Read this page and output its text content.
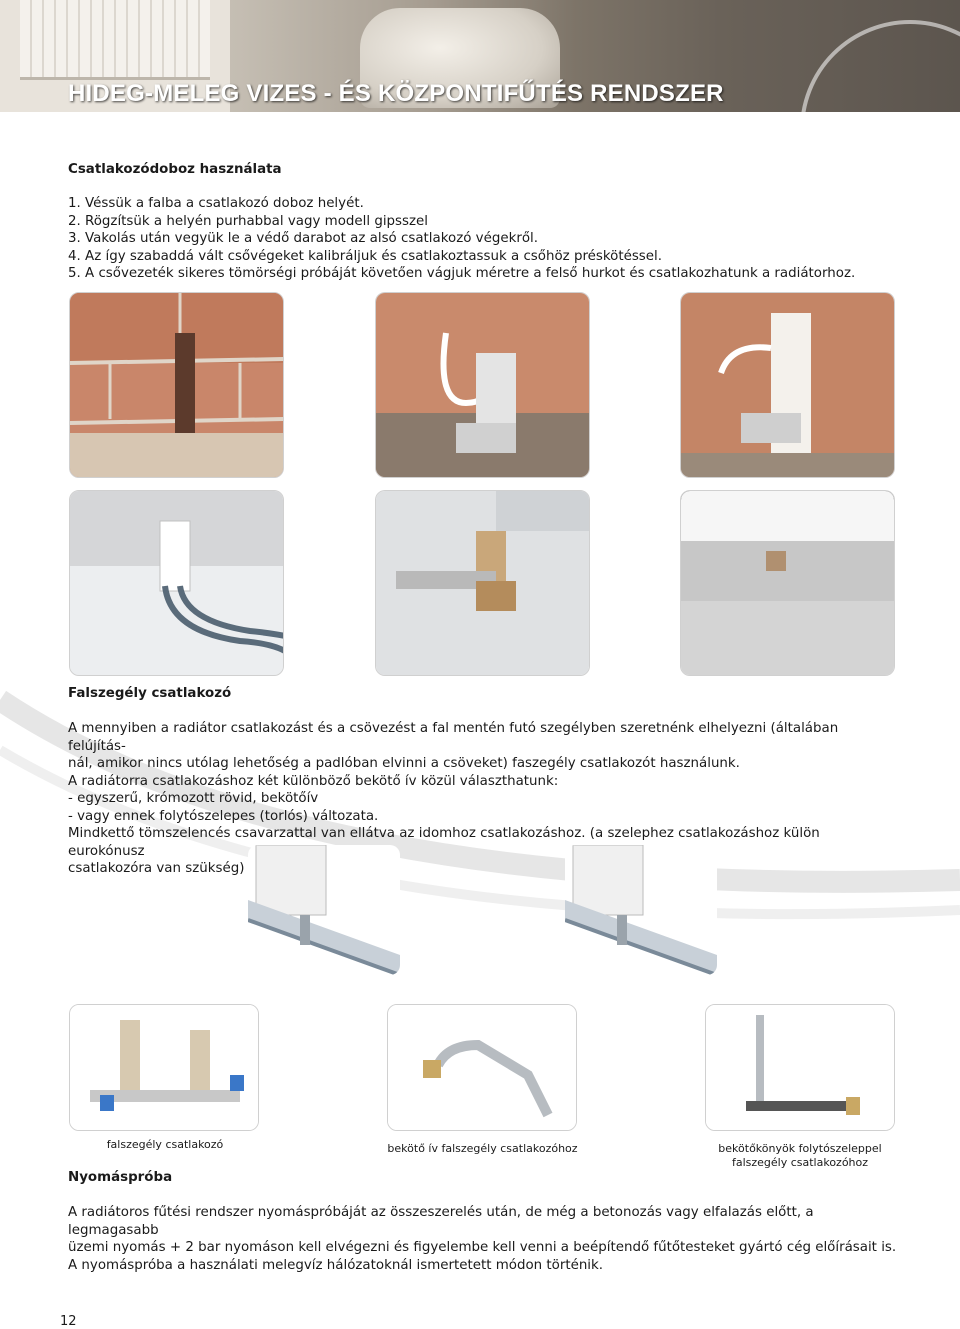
HIDEG-MELEG VIZES - ÉS KÖZPONTIFŰTÉS RENDSZER
Csatlakozódoboz használata
1. Véssük a falba a csatlakozó doboz helyét.
2. Rögzítsük a helyén purhabbal vagy modell gipsszel
3. Vakolás után vegyük le a védő darabot az alsó csatlakozó végekről.
4. Az így szabaddá vált csővégeket kalibráljuk és csatlakoztassuk a csőhöz préskötéssel.
5. A csővezeték sikeres tömörségi próbáját követően vágjuk méretre a felső hurkot és csatlakozhatunk a radiátorhoz.
Falszegély csatlakozó
A mennyiben a radiátor csatlakozást és a csövezést a fal mentén futó szegélyben szeretnénk elhelyezni (általában felújítás-
nál, amikor nincs utólag lehetőség a padlóban elvinni a csöveket) faszegély csatlakozót használunk.
A radiátorra csatlakozáshoz két különböző bekötő ív közül választhatunk:
- egyszerű, krómozott rövid, bekötőív
- vagy ennek folytószelepes (torlós) változata.
Mindkettő tömszelencés csavarzattal van ellátva az idomhoz csatlakozáshoz. (a szelephez csatlakozáshoz külön eurokónusz
csatlakozóra van szükség)
falszegély csatlakozó	bekötő ív falszegély csatlakozóhoz	bekötőkönyök folytószeleppel
falszegély csatlakozóhoz
Nyomáspróba
A radiátoros fűtési rendszer nyomáspróbáját az összeszerelés után, de még a betonozás vagy elfalazás előtt, a legmagasabb
üzemi nyomás + 2 bar nyomáson kell elvégezni és figyelembe kell venni a beépítendő fűtőtesteket gyártó cég előírásait is.
A nyomáspróba a használati melegvíz hálózatoknál ismertetett módon történik.
12
